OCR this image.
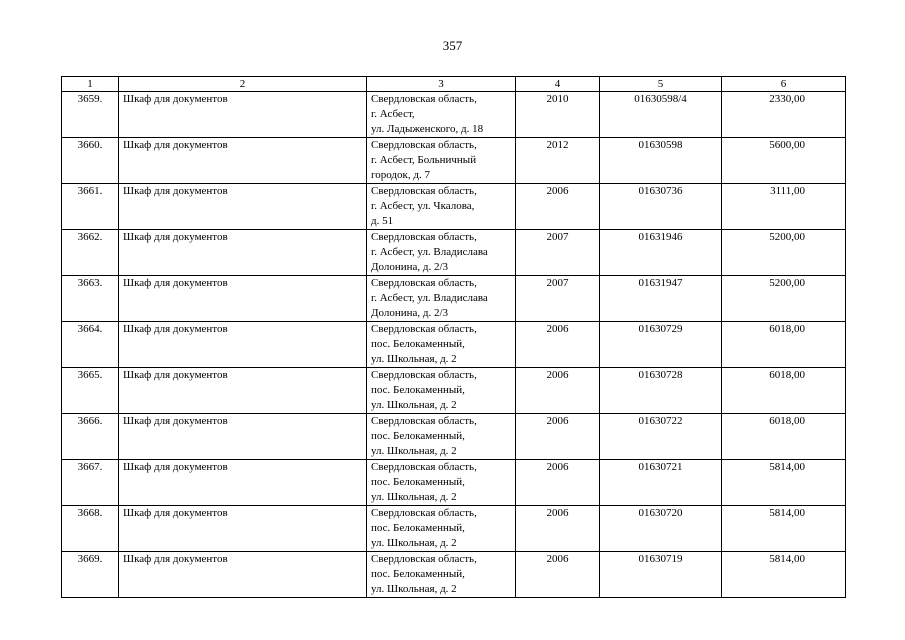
357
1	2	3	4	5	6
3659.	Шкаф для документов	Свердловская область,
г. Асбест,
ул. Ладыженского, д. 18	2010	01630598/4	2330,00
3660.	Шкаф для документов	Свердловская область,
г. Асбест, Больничный
городок, д. 7	2012	01630598	5600,00
3661.	Шкаф для документов	Свердловская область,
г. Асбест, ул. Чкалова,
д. 51	2006	01630736	3111,00
3662.	Шкаф для документов	Свердловская область,
г. Асбест, ул. Владислава
Долонина, д. 2/3	2007	01631946	5200,00
3663.	Шкаф для документов	Свердловская область,
г. Асбест, ул. Владислава
Долонина, д. 2/3	2007	01631947	5200,00
3664.	Шкаф для документов	Свердловская область,
пос. Белокаменный,
ул. Школьная, д. 2	2006	01630729	6018,00
3665.	Шкаф для документов	Свердловская область,
пос. Белокаменный,
ул. Школьная, д. 2	2006	01630728	6018,00
3666.	Шкаф для документов	Свердловская область,
пос. Белокаменный,
ул. Школьная, д. 2	2006	01630722	6018,00
3667.	Шкаф для документов	Свердловская область,
пос. Белокаменный,
ул. Школьная, д. 2	2006	01630721	5814,00
3668.	Шкаф для документов	Свердловская область,
пос. Белокаменный,
ул. Школьная, д. 2	2006	01630720	5814,00
3669.	Шкаф для документов	Свердловская область,
пос. Белокаменный,
ул. Школьная, д. 2	2006	01630719	5814,00
